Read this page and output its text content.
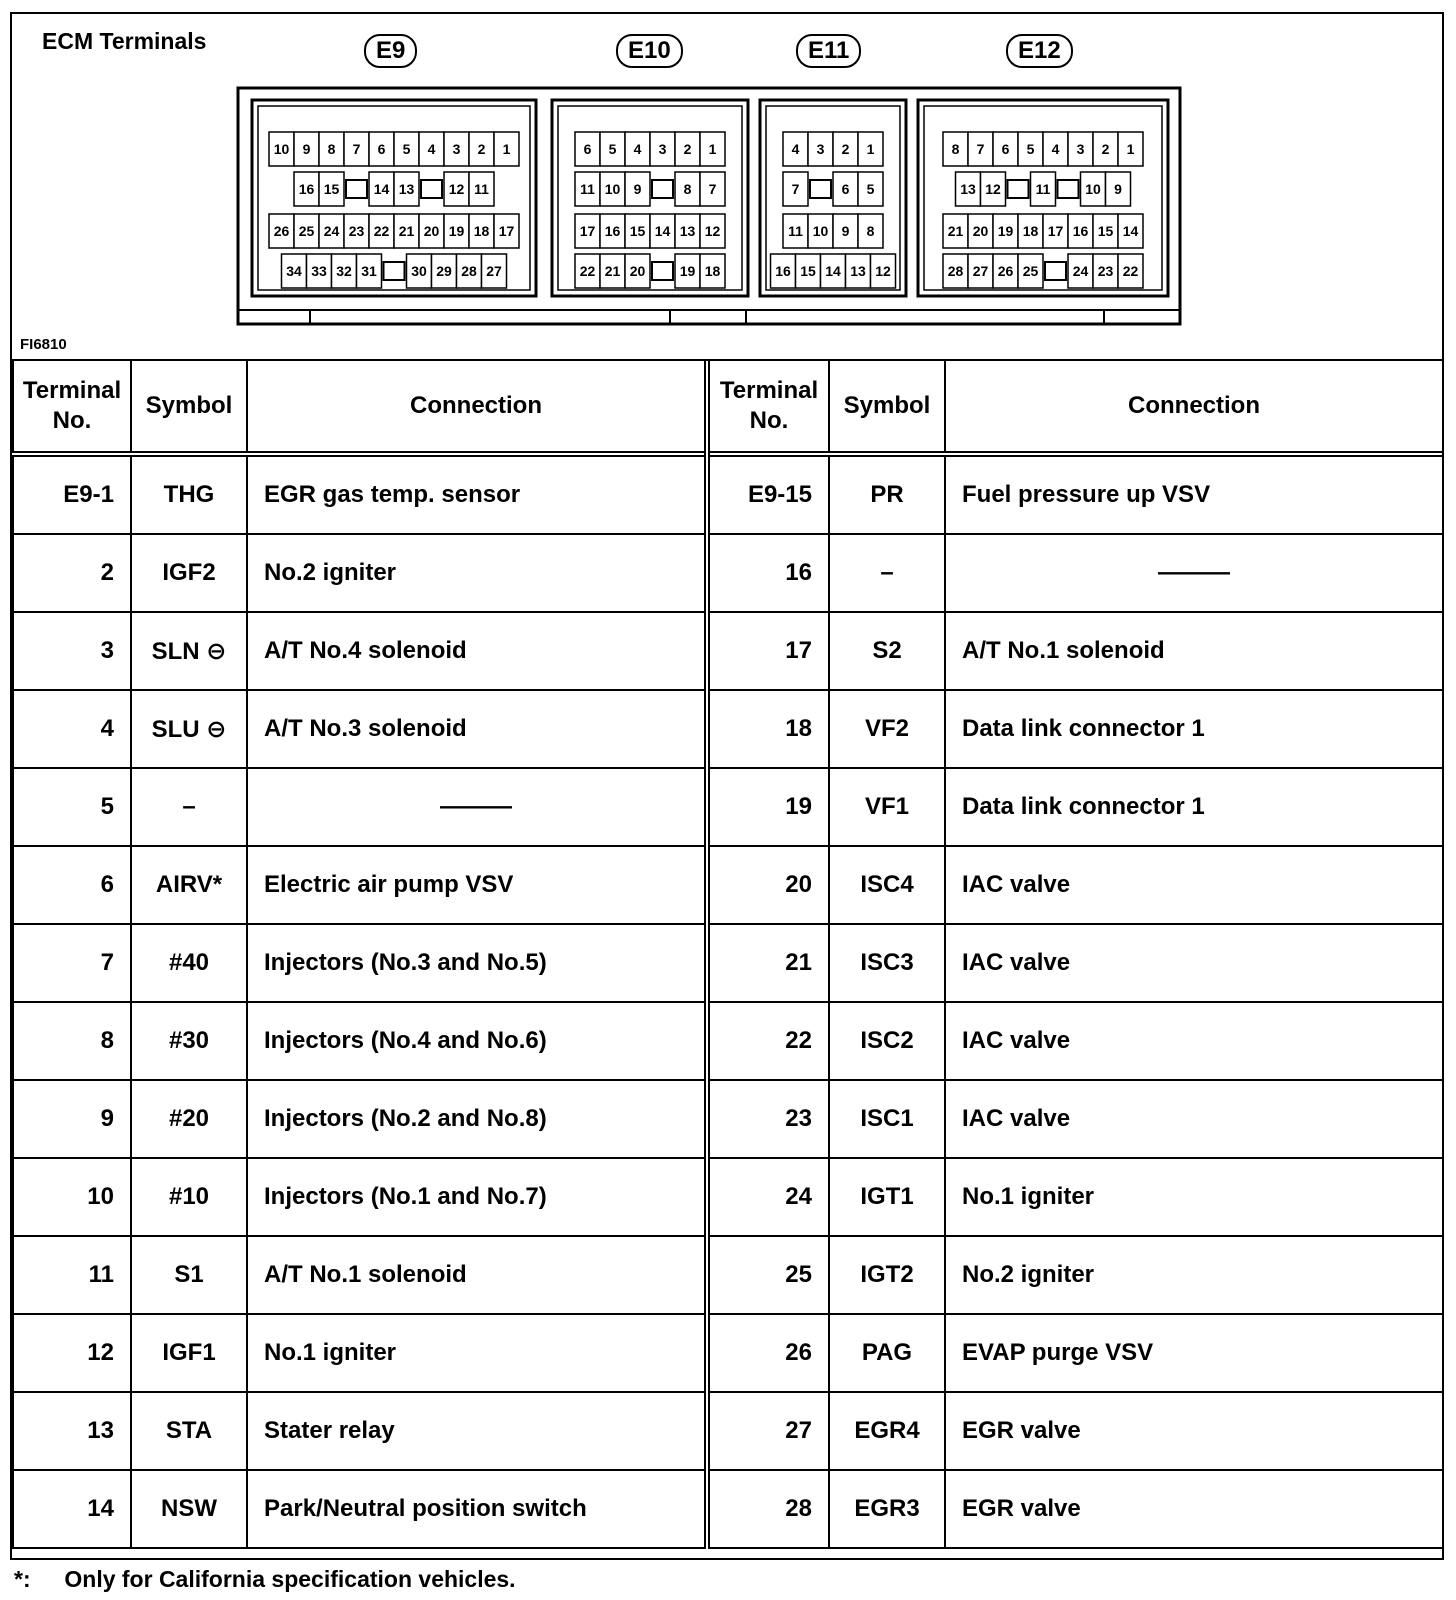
ECM Terminals	E9	E10	E11	E12
10 9 8 7 6 5 4 3 2 1
16 15 14 13 12 11
26 25 24 23 22 21 20 19 18 17
34 33 32 31 30 29 28 27
6 5 4 3 2 1
11 10 9	8 7
17 16 15 14 13 12
22 21 20 19 18
4 3 2 1
7	6 5
11 10 9 8
16 15 14 13 12
8 7 6 5 4 3 2 1
13 12 11 10 9
21 20 19 18 17 16 15 14
28 27 26 25 24 23 22
FI6810
Terminal No.	Symbol	Connection	Terminal No.	Symbol	Connection
E9-1	THG	EGR gas temp. sensor	E9-15	PR	Fuel pressure up VSV
2	IGF2	No.2 igniter	16	–	———
3	SLN ⊖	A/T No.4 solenoid	17	S2	A/T No.1 solenoid
4	SLU ⊖	A/T No.3 solenoid	18	VF2	Data link connector 1
5	–	———	19	VF1	Data link connector 1
6	AIRV*	Electric air pump VSV	20	ISC4	IAC valve
7	#40	Injectors (No.3 and No.5)	21	ISC3	IAC valve
8	#30	Injectors (No.4 and No.6)	22	ISC2	IAC valve
9	#20	Injectors (No.2 and No.8)	23	ISC1	IAC valve
10	#10	Injectors (No.1 and No.7)	24	IGT1	No.1 igniter
11	S1	A/T No.1 solenoid	25	IGT2	No.2 igniter
12	IGF1	No.1 igniter	26	PAG	EVAP purge VSV
13	STA	Stater relay	27	EGR4	EGR valve
14	NSW	Park/Neutral position switch	28	EGR3	EGR valve
*: Only for California specification vehicles.
